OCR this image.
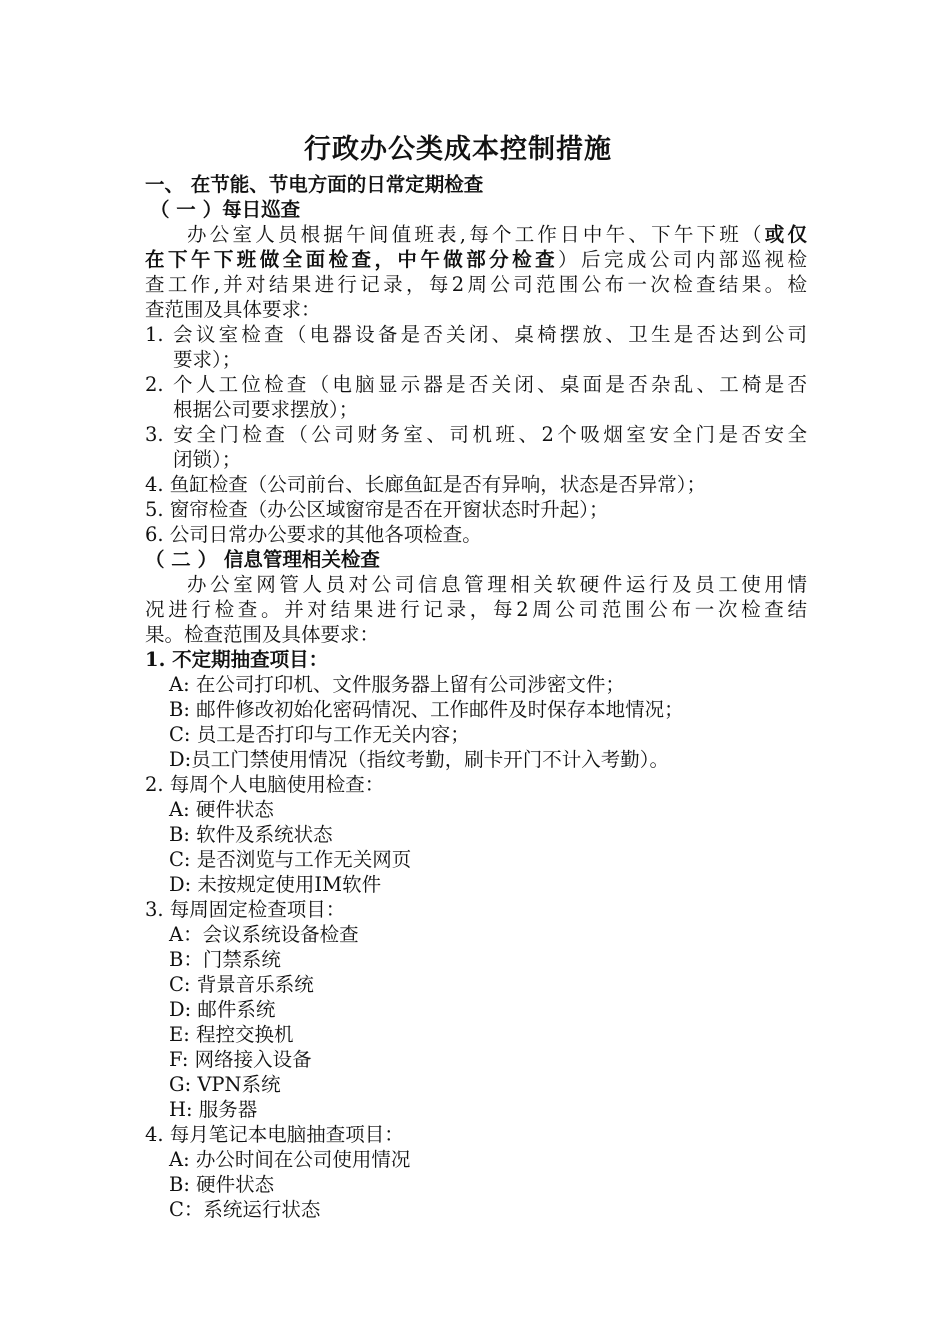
行政办公类成本控制措施
一、 在节能、节电方面的日常定期检查
（ 一 ）每日巡查
办公室人员根据午间值班表,每个工作日中午、下午下班（或仅
在下午下班做全面检查，中午做部分检查）后完成公司内部巡视检
查工作,并对结果进行记录，每2周公司范围公布一次检查结果。检
查范围及具体要求：
1. 会议室检查（电器设备是否关闭、桌椅摆放、卫生是否达到公司
要求）；
2. 个人工位检查（电脑显示器是否关闭、桌面是否杂乱、工椅是否
根据公司要求摆放）；
3. 安全门检查（公司财务室、司机班、2个吸烟室安全门是否安全
闭锁）；
4. 鱼缸检查（公司前台、长廊鱼缸是否有异响，状态是否异常）；
5. 窗帘检查（办公区域窗帘是否在开窗状态时升起）；
6. 公司日常办公要求的其他各项检查。
（ 二 ） 信息管理相关检查
办公室网管人员对公司信息管理相关软硬件运行及员工使用情
况进行检查。并对结果进行记录，每2周公司范围公布一次检查结
果。检查范围及具体要求：
1. 不定期抽查项目：
A: 在公司打印机、文件服务器上留有公司涉密文件；
B: 邮件修改初始化密码情况、工作邮件及时保存本地情况；
C: 员工是否打印与工作无关内容；
D:员工门禁使用情况（指纹考勤，刷卡开门不计入考勤）。
2. 每周个人电脑使用检查：
A: 硬件状态
B: 软件及系统状态
C: 是否浏览与工作无关网页
D: 未按规定使用IM软件
3. 每周固定检查项目：
A：会议系统设备检查
B：门禁系统
C: 背景音乐系统
D: 邮件系统
E: 程控交换机
F: 网络接入设备
G: VPN系统
H: 服务器
4. 每月笔记本电脑抽查项目：
A: 办公时间在公司使用情况
B: 硬件状态
C：系统运行状态
